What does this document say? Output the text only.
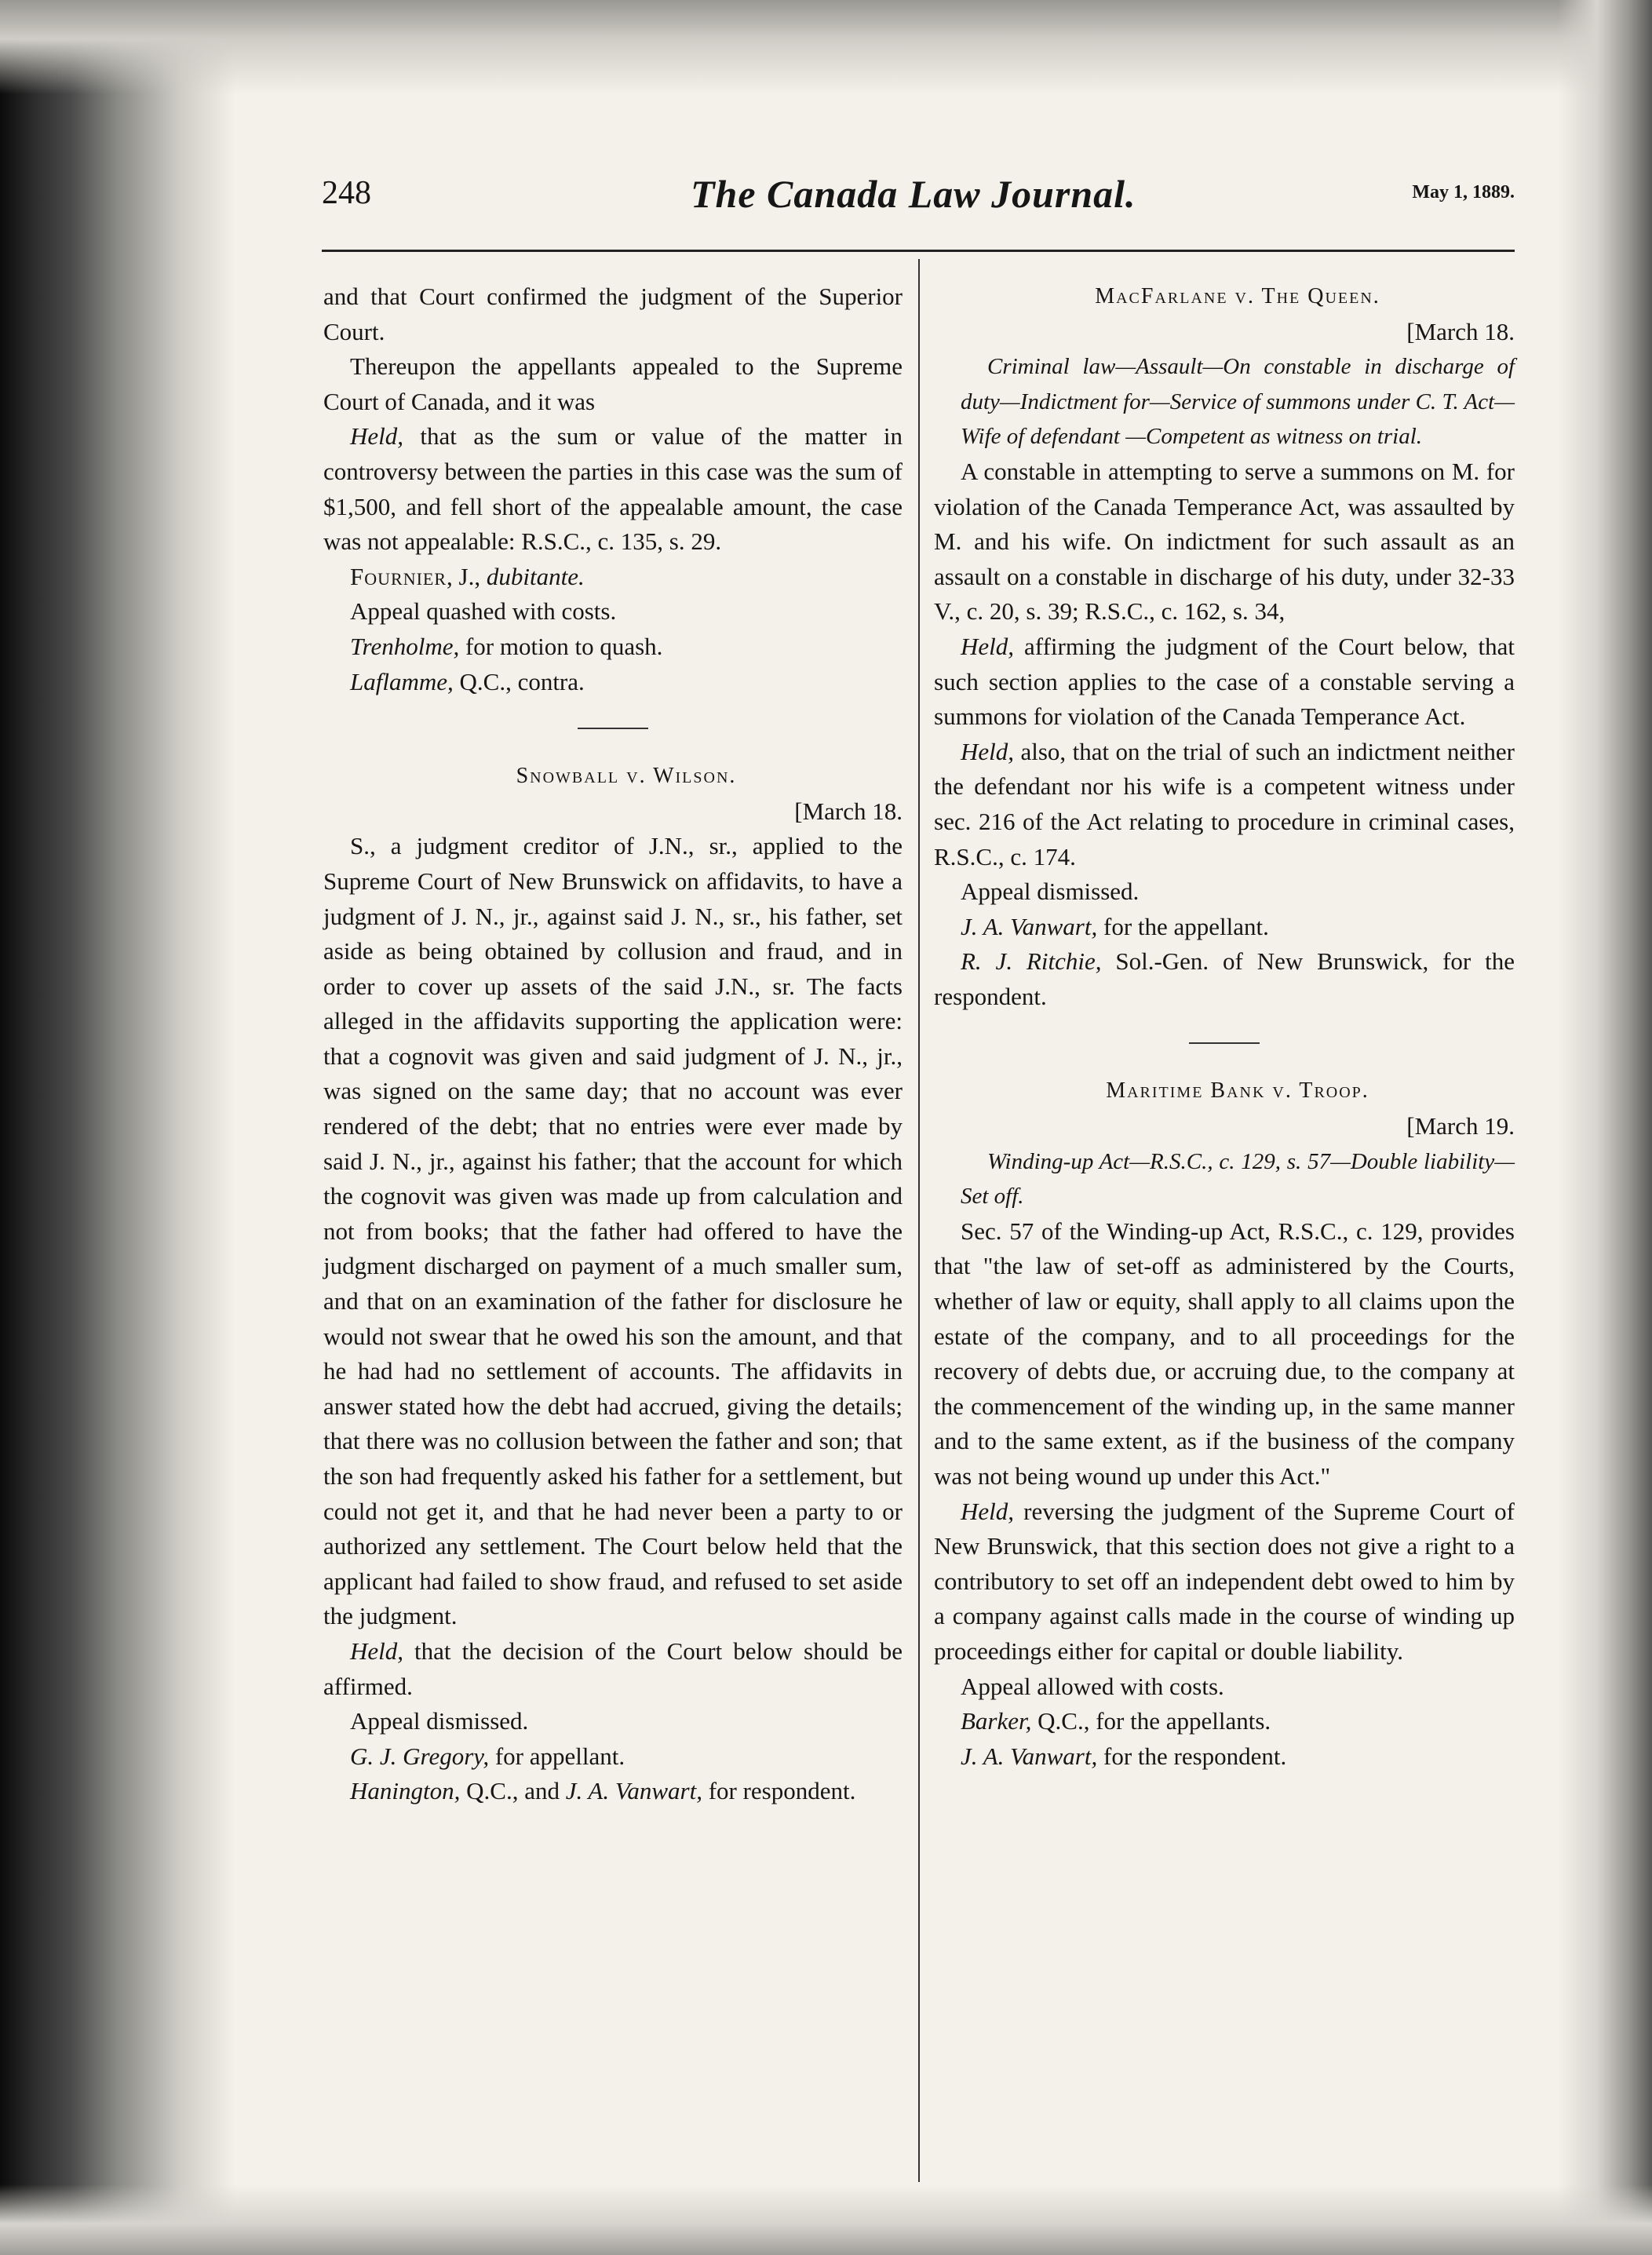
248	The Canada Law Journal.	May 1, 1889.

and that Court confirmed the judgment of the Superior Court.

Thereupon the appellants appealed to the Supreme Court of Canada, and it was

Held, that as the sum or value of the matter in controversy between the parties in this case was the sum of $1,500, and fell short of the appealable amount, the case was not appealable: R.S.C., c. 135, s. 29.

Fournier, J., dubitante.

Appeal quashed with costs.

Trenholme, for motion to quash.

Laflamme, Q.C., contra.

Snowball v. Wilson.

[March 18.

S., a judgment creditor of J.N., sr., applied to the Supreme Court of New Brunswick on affidavits, to have a judgment of J. N., jr., against said J. N., sr., his father, set aside as being obtained by collusion and fraud, and in order to cover up assets of the said J.N., sr. The facts alleged in the affidavits supporting the application were: that a cognovit was given and said judgment of J. N., jr., was signed on the same day; that no account was ever rendered of the debt; that no entries were ever made by said J. N., jr., against his father; that the account for which the cognovit was given was made up from calculation and not from books; that the father had offered to have the judgment discharged on payment of a much smaller sum, and that on an examination of the father for disclosure he would not swear that he owed his son the amount, and that he had had no settlement of accounts. The affidavits in answer stated how the debt had accrued, giving the details; that there was no collusion between the father and son; that the son had frequently asked his father for a settlement, but could not get it, and that he had never been a party to or authorized any settlement. The Court below held that the applicant had failed to show fraud, and refused to set aside the judgment.

Held, that the decision of the Court below should be affirmed.

Appeal dismissed.

G. J. Gregory, for appellant.

Hanington, Q.C., and J. A. Vanwart, for respondent.

MacFarlane v. The Queen.

[March 18.

Criminal law—Assault—On constable in discharge of duty—Indictment for—Service of summons under C. T. Act—Wife of defendant —Competent as witness on trial.

A constable in attempting to serve a summons on M. for violation of the Canada Temperance Act, was assaulted by M. and his wife. On indictment for such assault as an assault on a constable in discharge of his duty, under 32-33 V., c. 20, s. 39; R.S.C., c. 162, s. 34,

Held, affirming the judgment of the Court below, that such section applies to the case of a constable serving a summons for violation of the Canada Temperance Act.

Held, also, that on the trial of such an indictment neither the defendant nor his wife is a competent witness under sec. 216 of the Act relating to procedure in criminal cases, R.S.C., c. 174.

Appeal dismissed.

J. A. Vanwart, for the appellant.

R. J. Ritchie, Sol.-Gen. of New Brunswick, for the respondent.

Maritime Bank v. Troop.

[March 19.

Winding-up Act—R.S.C., c. 129, s. 57—Double liability—Set off.

Sec. 57 of the Winding-up Act, R.S.C., c. 129, provides that "the law of set-off as administered by the Courts, whether of law or equity, shall apply to all claims upon the estate of the company, and to all proceedings for the recovery of debts due, or accruing due, to the company at the commencement of the winding up, in the same manner and to the same extent, as if the business of the company was not being wound up under this Act."

Held, reversing the judgment of the Supreme Court of New Brunswick, that this section does not give a right to a contributory to set off an independent debt owed to him by a company against calls made in the course of winding up proceedings either for capital or double liability.

Appeal allowed with costs.

Barker, Q.C., for the appellants.

J. A. Vanwart, for the respondent.
